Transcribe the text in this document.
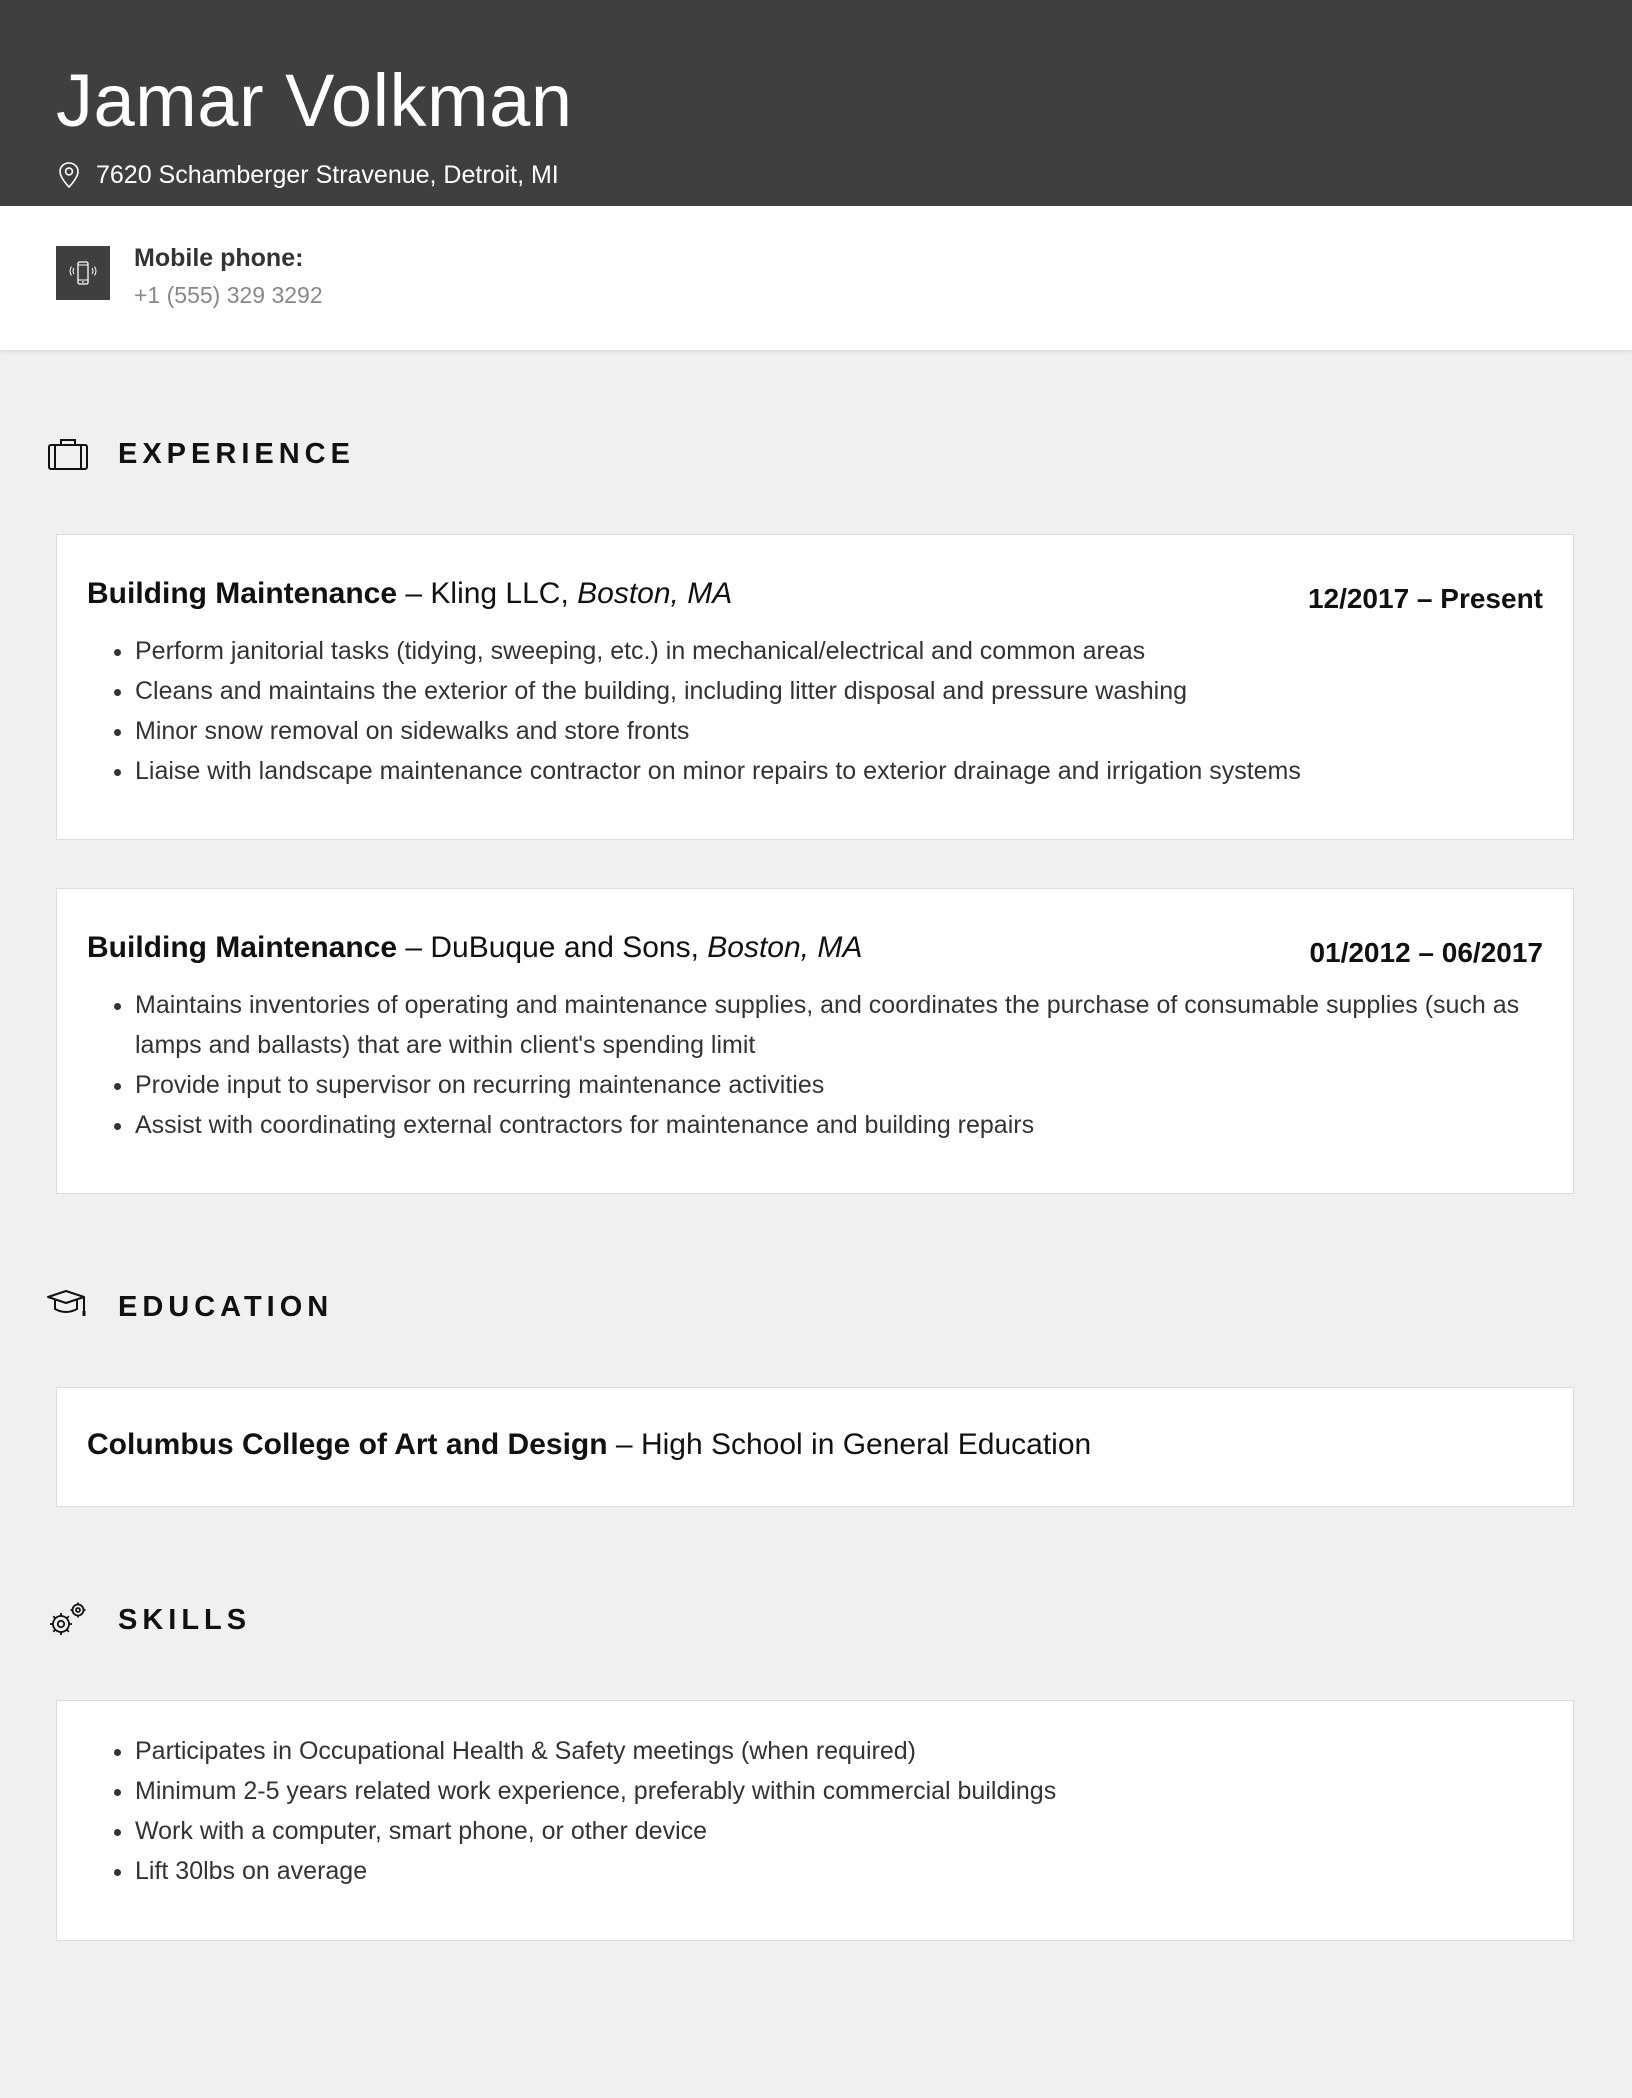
Jamar Volkman
7620 Schamberger Stravenue, Detroit, MI
Mobile phone:
+1 (555) 329 3292
EXPERIENCE
Building Maintenance – Kling LLC, Boston, MA	12/2017 – Present
• Perform janitorial tasks (tidying, sweeping, etc.) in mechanical/electrical and common areas
• Cleans and maintains the exterior of the building, including litter disposal and pressure washing
• Minor snow removal on sidewalks and store fronts
• Liaise with landscape maintenance contractor on minor repairs to exterior drainage and irrigation systems
Building Maintenance – DuBuque and Sons, Boston, MA	01/2012 – 06/2017
• Maintains inventories of operating and maintenance supplies, and coordinates the purchase of consumable supplies (such as lamps and ballasts) that are within client's spending limit
• Provide input to supervisor on recurring maintenance activities
• Assist with coordinating external contractors for maintenance and building repairs
EDUCATION
Columbus College of Art and Design – High School in General Education
SKILLS
• Participates in Occupational Health & Safety meetings (when required)
• Minimum 2-5 years related work experience, preferably within commercial buildings
• Work with a computer, smart phone, or other device
• Lift 30lbs on average
